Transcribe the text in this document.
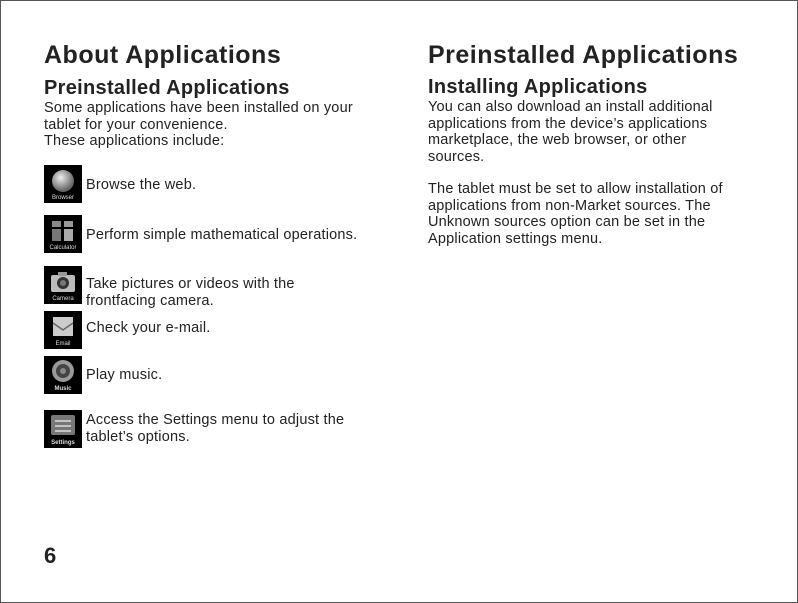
About Applications
Preinstalled Applications

Some applications have been installed on your

tablet for your convenience.

These applications include:

Browser
Browse the web.
Calculator
Perform simple mathematical operations.
Camera
Take pictures or videos with the
frontfacing camera.
Email
Check your e-mail.
Music
Play music.
Settings
Access the Settings menu to adjust the
tablet’s options.
Preinstalled Applications
Installing Applications

You can also download an install additional

applications from the device’s applications

marketplace, the web browser, or other

sources.

The tablet must be set to allow installation of

applications from non-Market sources. The

Unknown sources option can be set in the

Application settings menu.

6
